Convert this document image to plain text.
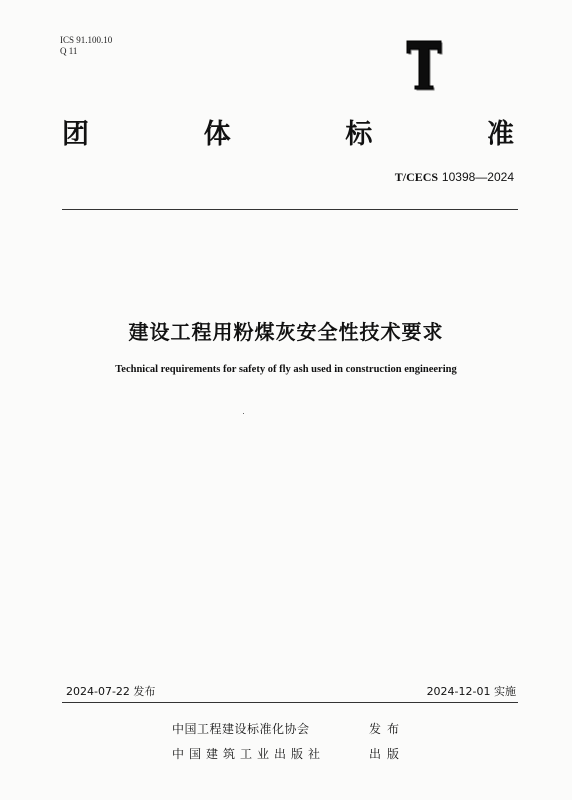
ICS 91.100.10
Q 11
团	体	标	准
T/CECS 10398—2024
建设工程用粉煤灰安全性技术要求
Technical requirements for safety of fly ash used in construction engineering
2024-07-22 发布	2024-12-01 实施
中国工程建设标准化协会	发布
中国建筑工业出版社	出版
